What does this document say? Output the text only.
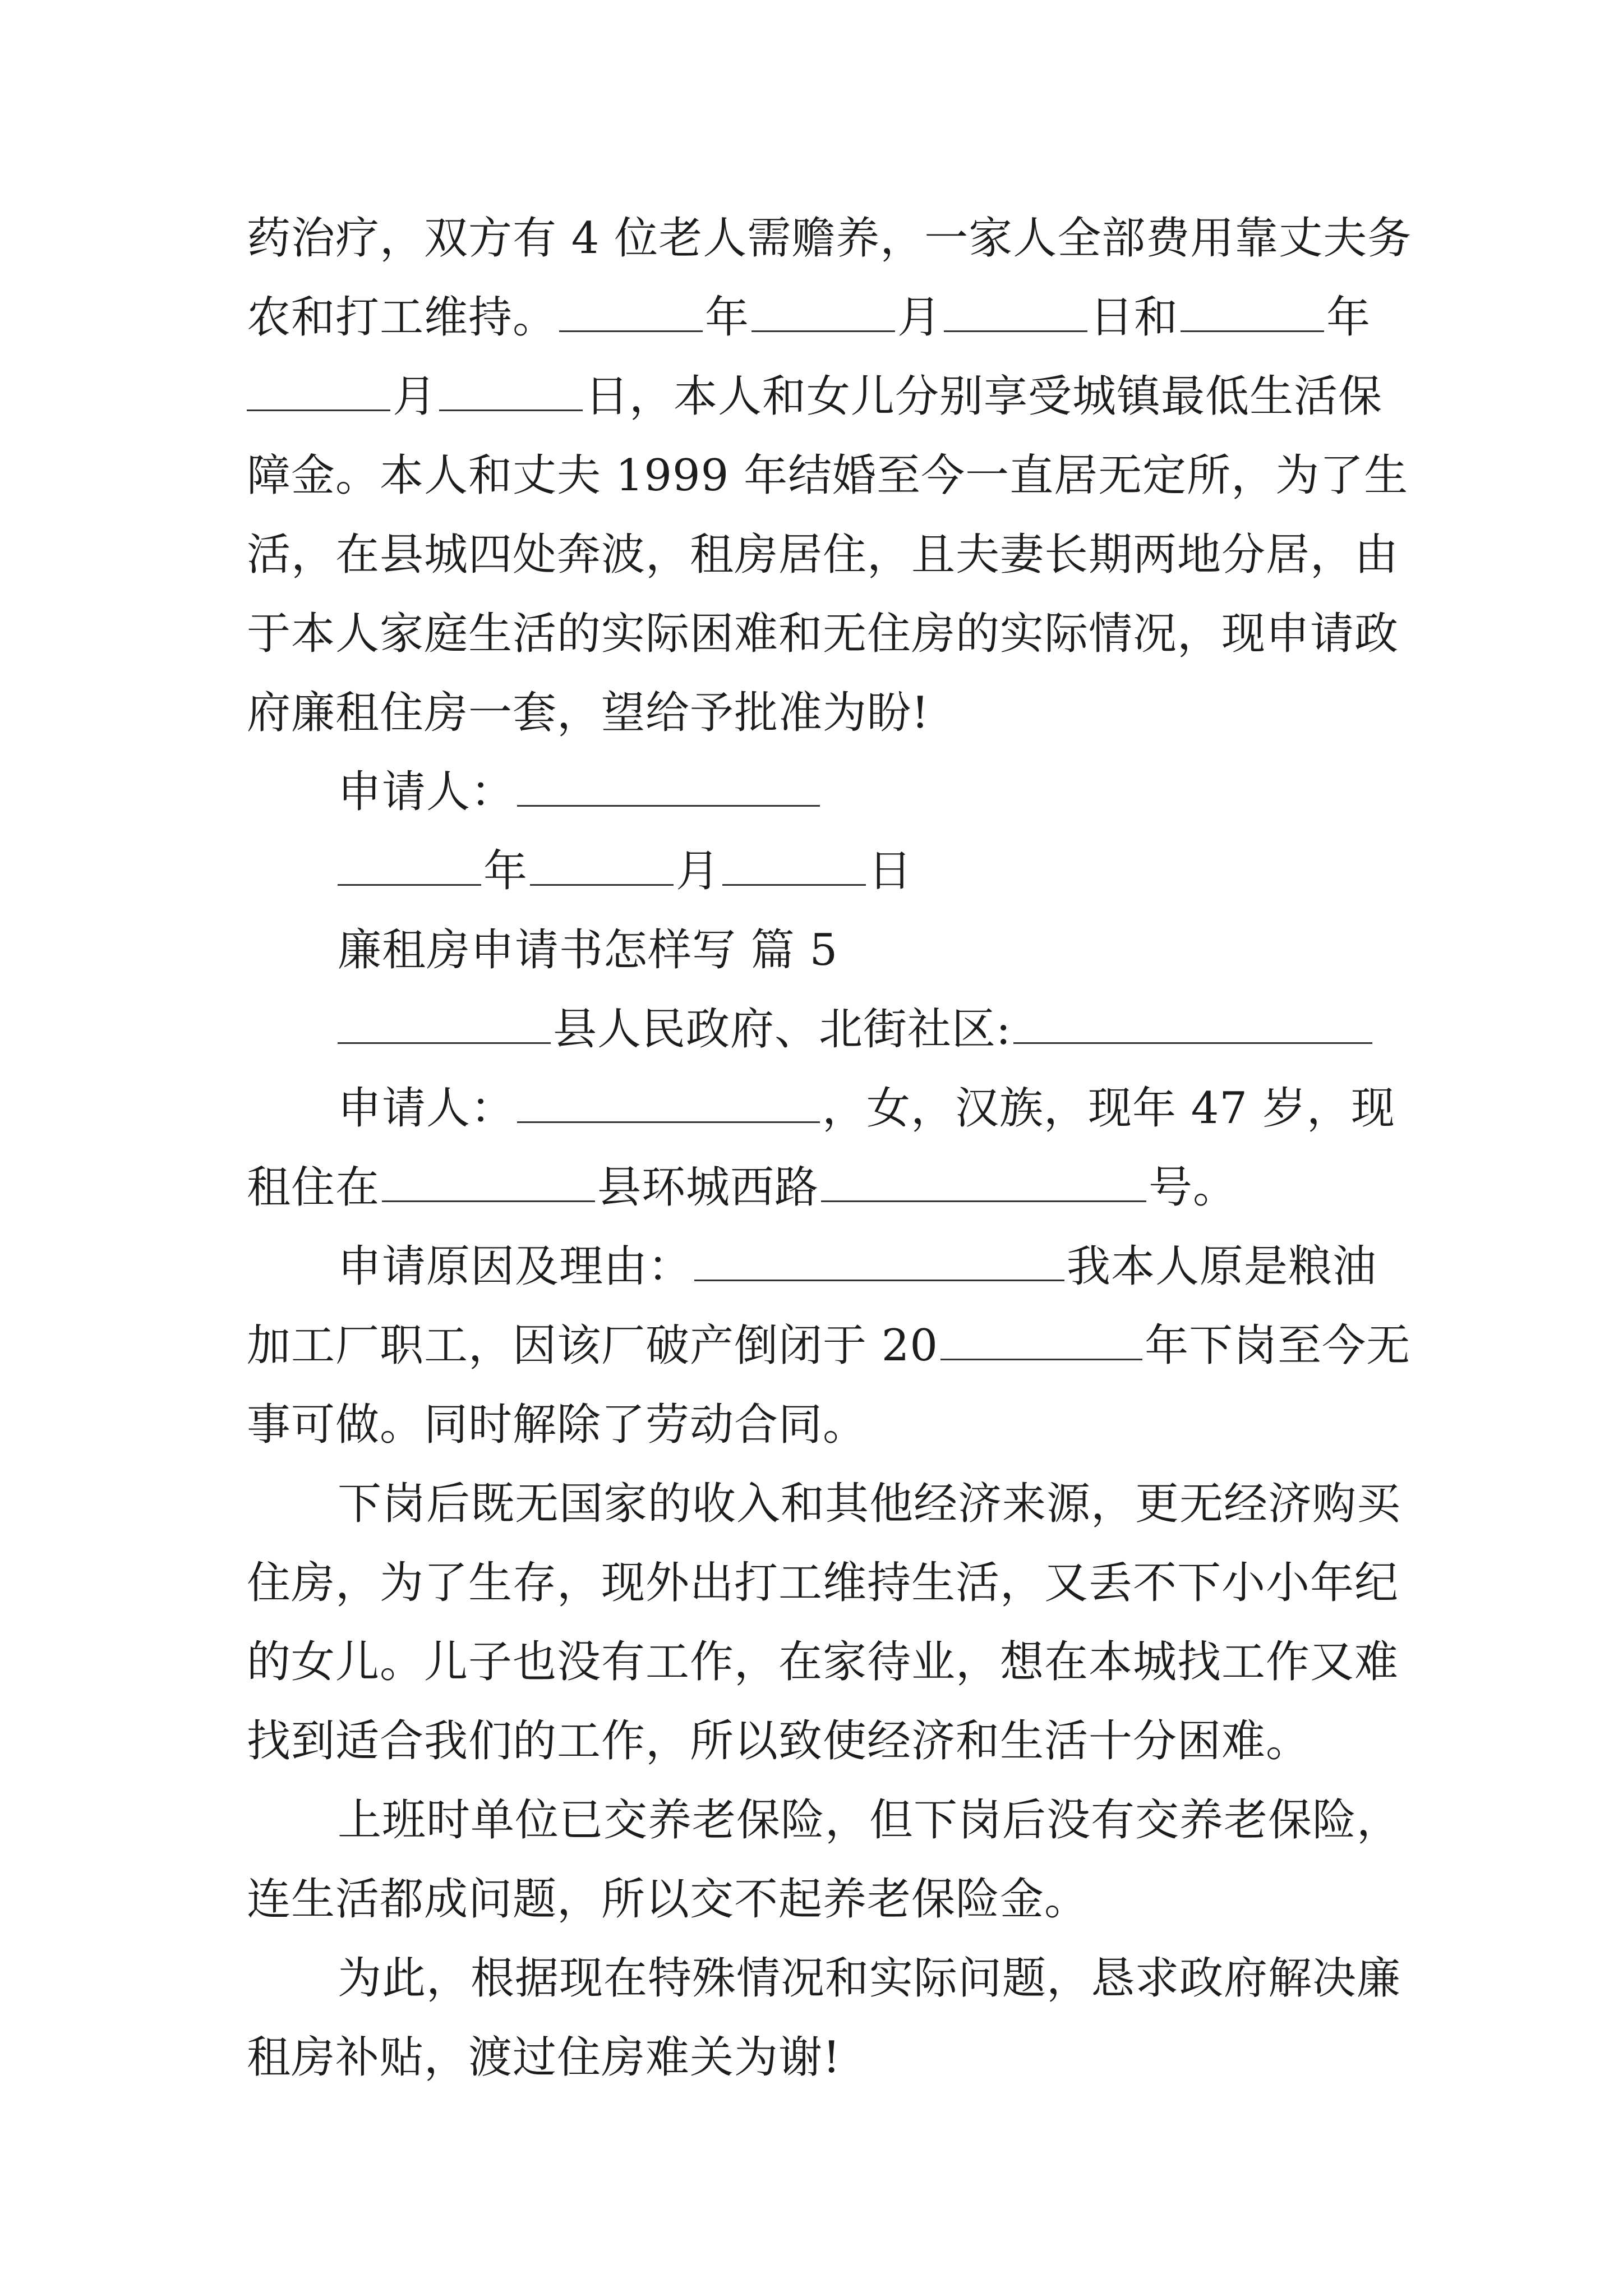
药治疗，双方有 4 位老人需赡养，一家人全部费用靠丈夫务
农和打工维持。	年	月	日和	年
月	日，本人和女儿分别享受城镇最低生活保
障金。本人和丈夫 1999 年结婚至今一直居无定所，为了生
活，在县城四处奔波，租房居住，且夫妻长期两地分居，由
于本人家庭生活的实际困难和无住房的实际情况，现申请政
府廉租住房一套，望给予批准为盼!
申请人：
年	月	日
廉租房申请书怎样写 篇 5
县人民政府、北街社区:
申请人：	，女，汉族，现年 47 岁，现
租住在	县环城西路	号。
申请原因及理由：	我本人原是粮油
加工厂职工，因该厂破产倒闭于 20	年下岗至今无
事可做。同时解除了劳动合同。
下岗后既无国家的收入和其他经济来源，更无经济购买
住房，为了生存，现外出打工维持生活，又丢不下小小年纪
的女儿。儿子也没有工作，在家待业，想在本城找工作又难
找到适合我们的工作，所以致使经济和生活十分困难。
上班时单位已交养老保险，但下岗后没有交养老保险，
连生活都成问题，所以交不起养老保险金。
为此，根据现在特殊情况和实际问题，恳求政府解决廉
租房补贴，渡过住房难关为谢!
